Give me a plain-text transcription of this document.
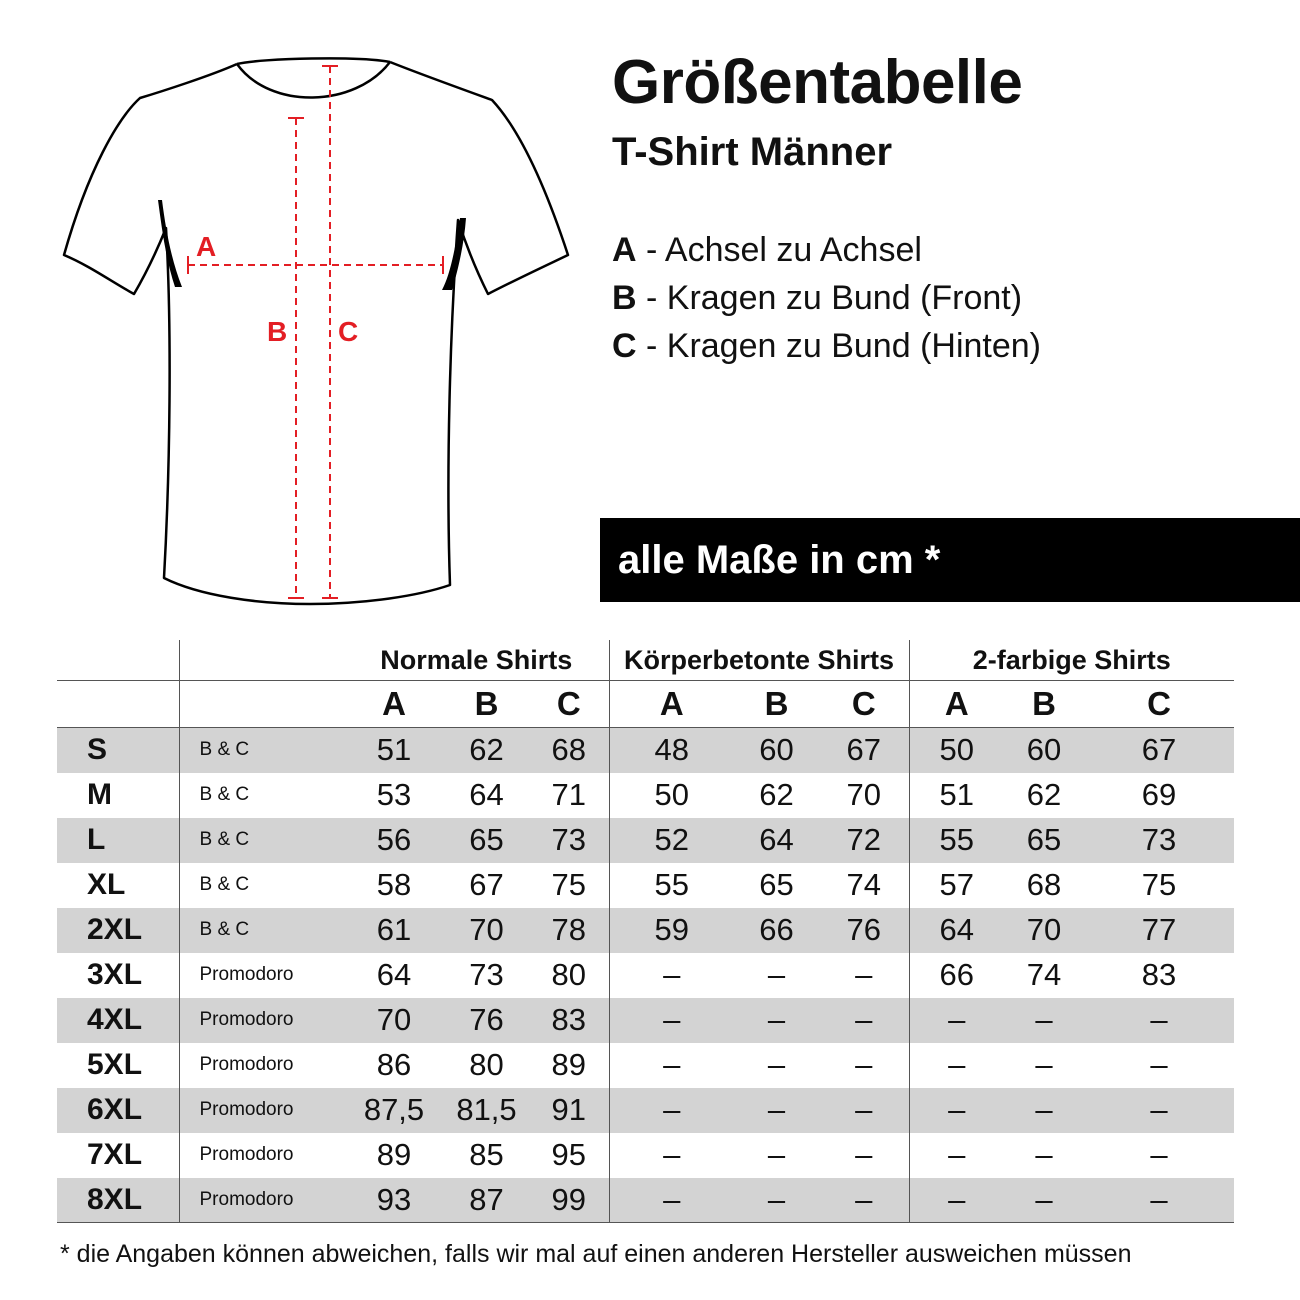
A
B C
Größentabelle
T-Shirt Männer
A - Achsel zu Achsel
B - Kragen zu Bund (Front)
C - Kragen zu Bund (Hinten)
alle Maße in cm *
		Normale Shirts			Körperbetonte Shirts			2-farbige Shirts		
		A	B	C	A	B	C	A	B	C
S	B & C	51	62	68	48	60	67	50	60	67
M	B & C	53	64	71	50	62	70	51	62	69
L	B & C	56	65	73	52	64	72	55	65	73
XL	B & C	58	67	75	55	65	74	57	68	75
2XL	B & C	61	70	78	59	66	76	64	70	77
3XL	Promodoro	64	73	80	–	–	–	66	74	83
4XL	Promodoro	70	76	83	–	–	–	–	–	–
5XL	Promodoro	86	80	89	–	–	–	–	–	–
6XL	Promodoro	87,5	81,5	91	–	–	–	–	–	–
7XL	Promodoro	89	85	95	–	–	–	–	–	–
8XL	Promodoro	93	87	99	–	–	–	–	–	–

* die Angaben können abweichen, falls wir mal auf einen anderen Hersteller ausweichen müssen
